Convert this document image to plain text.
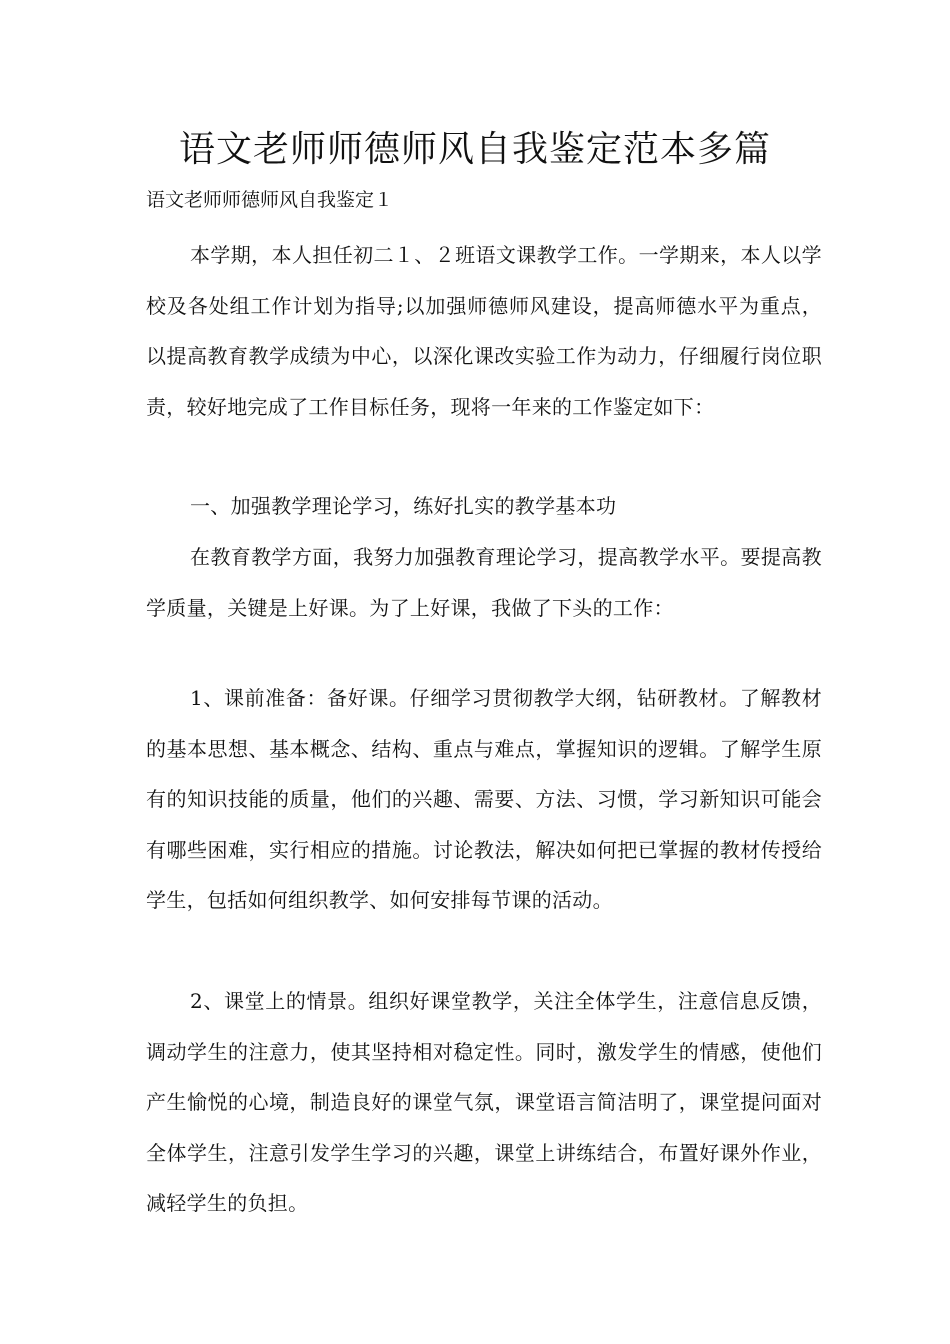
语文老师师德师风自我鉴定范本多篇

语文老师师德师风自我鉴定１

本学期，本人担任初二１、２班语文课教学工作。一学期来，本人以学校及各处组工作计划为指导;以加强师德师风建设，提高师德水平为重点，以提高教育教学成绩为中心，以深化课改实验工作为动力，仔细履行岗位职责，较好地完成了工作目标任务，现将一年来的工作鉴定如下：

一、加强教学理论学习，练好扎实的教学基本功

在教育教学方面，我努力加强教育理论学习，提高教学水平。要提高教学质量，关键是上好课。为了上好课，我做了下头的工作：

1、课前准备：备好课。仔细学习贯彻教学大纲，钻研教材。了解教材的基本思想、基本概念、结构、重点与难点，掌握知识的逻辑。了解学生原有的知识技能的质量，他们的兴趣、需要、方法、习惯，学习新知识可能会有哪些困难，实行相应的措施。讨论教法，解决如何把已掌握的教材传授给学生，包括如何组织教学、如何安排每节课的活动。

2、课堂上的情景。组织好课堂教学，关注全体学生，注意信息反馈，调动学生的注意力，使其坚持相对稳定性。同时，激发学生的情感，使他们产生愉悦的心境，制造良好的课堂气氛，课堂语言简洁明了，课堂提问面对全体学生，注意引发学生学习的兴趣，课堂上讲练结合，布置好课外作业，减轻学生的负担。
